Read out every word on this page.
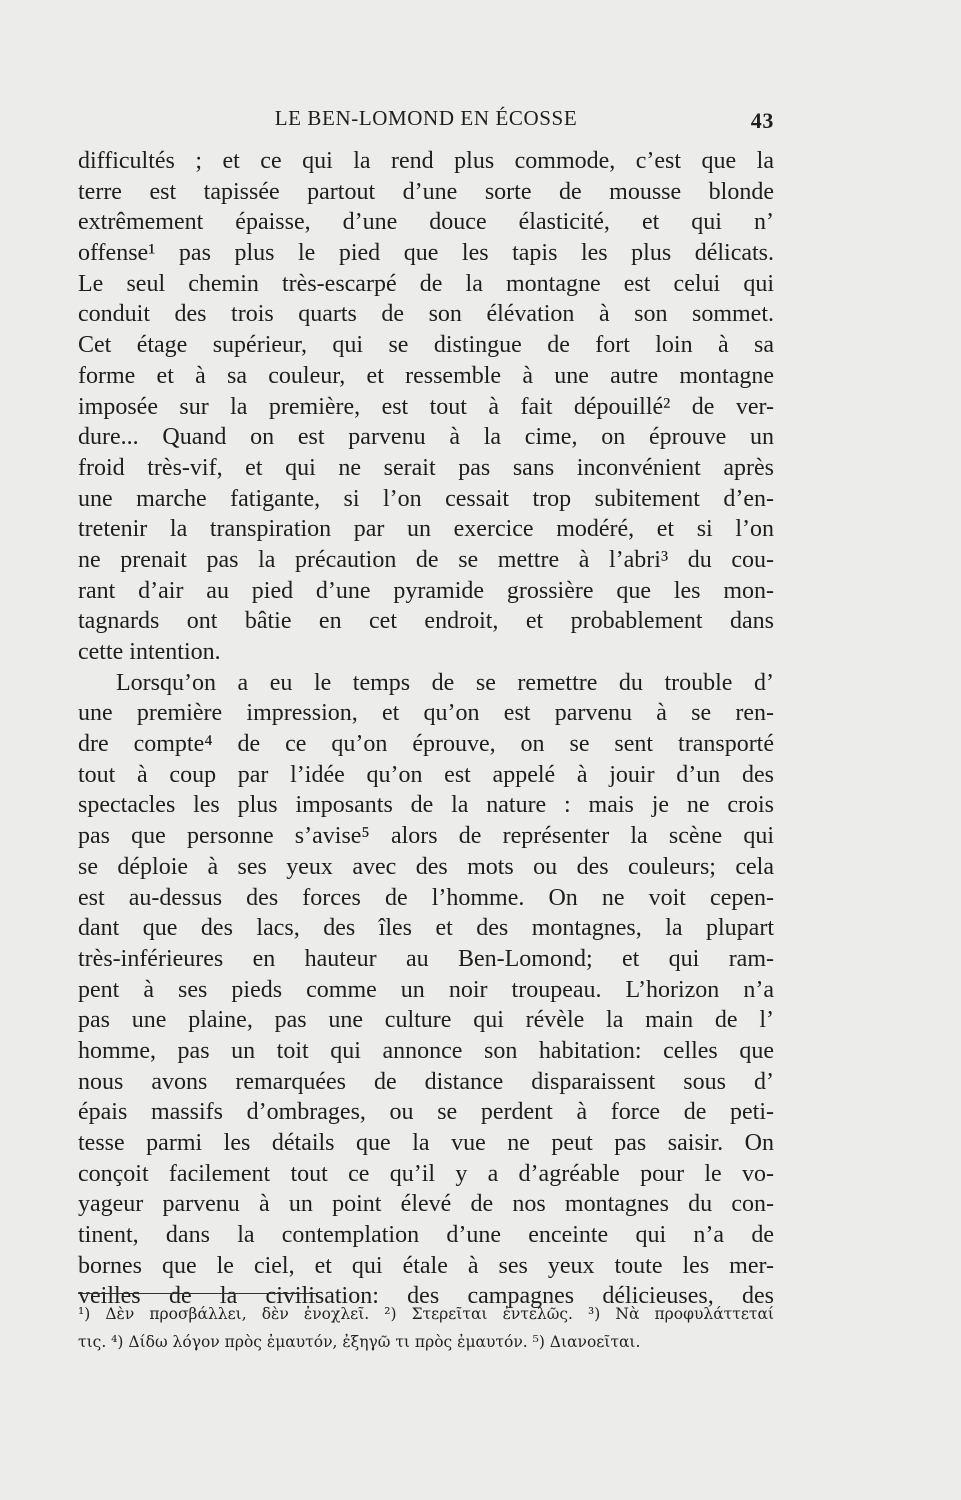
LE BEN-LOMOND EN ÉCOSSE	43
difficultés ; et ce qui la rend plus commode, c’est que la
terre est tapissée partout d’une sorte de mousse blonde
extrêmement épaisse, d’une douce élasticité, et qui n’
offense¹ pas plus le pied que les tapis les plus délicats.
Le seul chemin très-escarpé de la montagne est celui qui
conduit des trois quarts de son élévation à son sommet.
Cet étage supérieur, qui se distingue de fort loin à sa
forme et à sa couleur, et ressemble à une autre montagne
imposée sur la première, est tout à fait dépouillé² de ver-
dure... Quand on est parvenu à la cime, on éprouve un
froid très-vif, et qui ne serait pas sans inconvénient après
une marche fatigante, si l’on cessait trop subitement d’en-
tretenir la transpiration par un exercice modéré, et si l’on
ne prenait pas la précaution de se mettre à l’abri³ du cou-
rant d’air au pied d’une pyramide grossière que les mon-
tagnards ont bâtie en cet endroit, et probablement dans
cette intention.
Lorsqu’on a eu le temps de se remettre du trouble d’
une première impression, et qu’on est parvenu à se ren-
dre compte⁴ de ce qu’on éprouve, on se sent transporté
tout à coup par l’idée qu’on est appelé à jouir d’un des
spectacles les plus imposants de la nature : mais je ne crois
pas que personne s’avise⁵ alors de représenter la scène qui
se déploie à ses yeux avec des mots ou des couleurs; cela
est au-dessus des forces de l’homme. On ne voit cepen-
dant que des lacs, des îles et des montagnes, la plupart
très-inférieures en hauteur au Ben-Lomond; et qui ram-
pent à ses pieds comme un noir troupeau. L’horizon n’a
pas une plaine, pas une culture qui révèle la main de l’
homme, pas un toit qui annonce son habitation: celles que
nous avons remarquées de distance disparaissent sous d’
épais massifs d’ombrages, ou se perdent à force de peti-
tesse parmi les détails que la vue ne peut pas saisir. On
conçoit facilement tout ce qu’il y a d’agréable pour le vo-
yageur parvenu à un point élevé de nos montagnes du con-
tinent, dans la contemplation d’une enceinte qui n’a de
bornes que le ciel, et qui étale à ses yeux toute les mer-
veilles de la civilisation: des campagnes délicieuses, des
¹) Δὲν προσβάλλει, δὲν ἐνοχλεῖ. ²) Στερεῖται ἐντελῶς. ³) Νὰ προφυλάττεταί
τις. ⁴) Δίδω λόγον πρὸς ἐμαυτόν, ἐξηγῶ τι πρὸς ἐμαυτόν. ⁵) Διανοεῖται.
